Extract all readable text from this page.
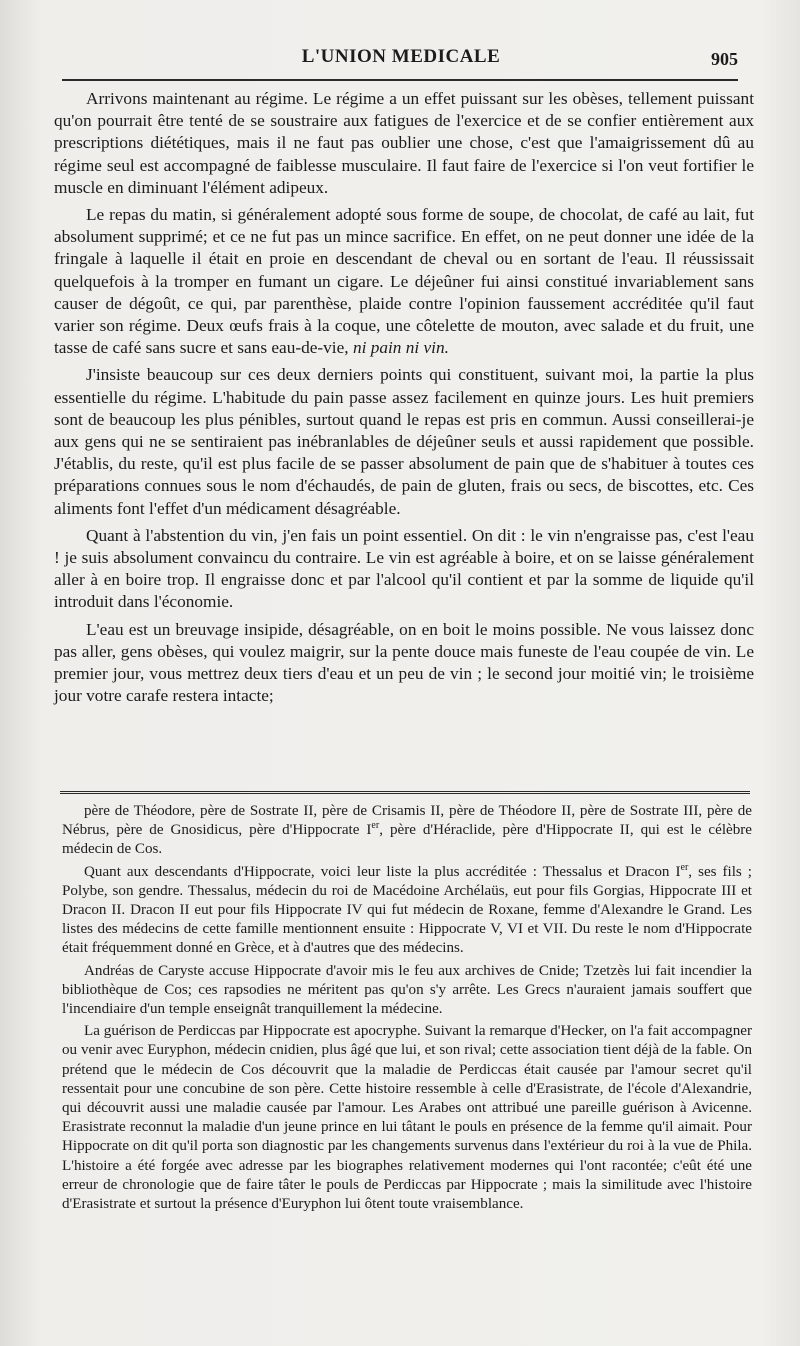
L'UNION MEDICALE	905

Arrivons maintenant au régime. Le régime a un effet puissant sur les obèses, tellement puissant qu'on pourrait être tenté de se soustraire aux fatigues de l'exercice et de se confier entièrement aux prescriptions diététiques, mais il ne faut pas oublier une chose, c'est que l'amaigrissement dû au régime seul est accompagné de faiblesse musculaire. Il faut faire de l'exercice si l'on veut fortifier le muscle en diminuant l'élément adipeux.

Le repas du matin, si généralement adopté sous forme de soupe, de chocolat, de café au lait, fut absolument supprimé; et ce ne fut pas un mince sacrifice. En effet, on ne peut donner une idée de la fringale à laquelle il était en proie en descendant de cheval ou en sortant de l'eau. Il réussissait quelquefois à la tromper en fumant un cigare. Le déjeûner fui ainsi constitué invariablement sans causer de dégoût, ce qui, par parenthèse, plaide contre l'opinion faussement accréditée qu'il faut varier son régime. Deux œufs frais à la coque, une côtelette de mouton, avec salade et du fruit, une tasse de café sans sucre et sans eau-de-vie, ni pain ni vin.

J'insiste beaucoup sur ces deux derniers points qui constituent, suivant moi, la partie la plus essentielle du régime. L'habitude du pain passe assez facilement en quinze jours. Les huit premiers sont de beaucoup les plus pénibles, surtout quand le repas est pris en commun. Aussi conseillerai-je aux gens qui ne se sentiraient pas inébranlables de déjeûner seuls et aussi rapidement que possible. J'établis, du reste, qu'il est plus facile de se passer absolument de pain que de s'habituer à toutes ces préparations connues sous le nom d'échaudés, de pain de gluten, frais ou secs, de biscottes, etc. Ces aliments font l'effet d'un médicament désagréable.

Quant à l'abstention du vin, j'en fais un point essentiel. On dit : le vin n'engraisse pas, c'est l'eau ! je suis absolument convaincu du contraire. Le vin est agréable à boire, et on se laisse généralement aller à en boire trop. Il engraisse donc et par l'alcool qu'il contient et par la somme de liquide qu'il introduit dans l'économie.

L'eau est un breuvage insipide, désagréable, on en boit le moins possible. Ne vous laissez donc pas aller, gens obèses, qui voulez maigrir, sur la pente douce mais funeste de l'eau coupée de vin. Le premier jour, vous mettrez deux tiers d'eau et un peu de vin ; le second jour moitié vin; le troisième jour votre carafe restera intacte;

père de Théodore, père de Sostrate II, père de Crisamis II, père de Théodore II, père de Sostrate III, père de Nébrus, père de Gnosidicus, père d'Hippocrate Ier, père d'Héraclide, père d'Hippocrate II, qui est le célèbre médecin de Cos.

Quant aux descendants d'Hippocrate, voici leur liste la plus accréditée : Thessalus et Dracon Ier, ses fils ; Polybe, son gendre. Thessalus, médecin du roi de Macédoine Archélaüs, eut pour fils Gorgias, Hippocrate III et Dracon II. Dracon II eut pour fils Hippocrate IV qui fut médecin de Roxane, femme d'Alexandre le Grand. Les listes des médecins de cette famille mentionnent ensuite : Hippocrate V, VI et VII. Du reste le nom d'Hippocrate était fréquemment donné en Grèce, et à d'autres que des médecins.

Andréas de Caryste accuse Hippocrate d'avoir mis le feu aux archives de Cnide; Tzetzès lui fait incendier la bibliothèque de Cos; ces rapsodies ne méritent pas qu'on s'y arrête. Les Grecs n'auraient jamais souffert que l'incendiaire d'un temple enseignât tranquillement la médecine.

La guérison de Perdiccas par Hippocrate est apocryphe. Suivant la remarque d'Hecker, on l'a fait accompagner ou venir avec Euryphon, médecin cnidien, plus âgé que lui, et son rival; cette association tient déjà de la fable. On prétend que le médecin de Cos découvrit que la maladie de Perdiccas était causée par l'amour secret qu'il ressentait pour une concubine de son père. Cette histoire ressemble à celle d'Erasistrate, de l'école d'Alexandrie, qui découvrit aussi une maladie causée par l'amour. Les Arabes ont attribué une pareille guérison à Avicenne. Erasistrate reconnut la maladie d'un jeune prince en lui tâtant le pouls en présence de la femme qu'il aimait. Pour Hippocrate on dit qu'il porta son diagnostic par les changements survenus dans l'extérieur du roi à la vue de Phila. L'histoire a été forgée avec adresse par les biographes relativement modernes qui l'ont racontée; c'eût été une erreur de chronologie que de faire tâter le pouls de Perdiccas par Hippocrate ; mais la similitude avec l'histoire d'Erasistrate et surtout la présence d'Euryphon lui ôtent toute vraisemblance.
